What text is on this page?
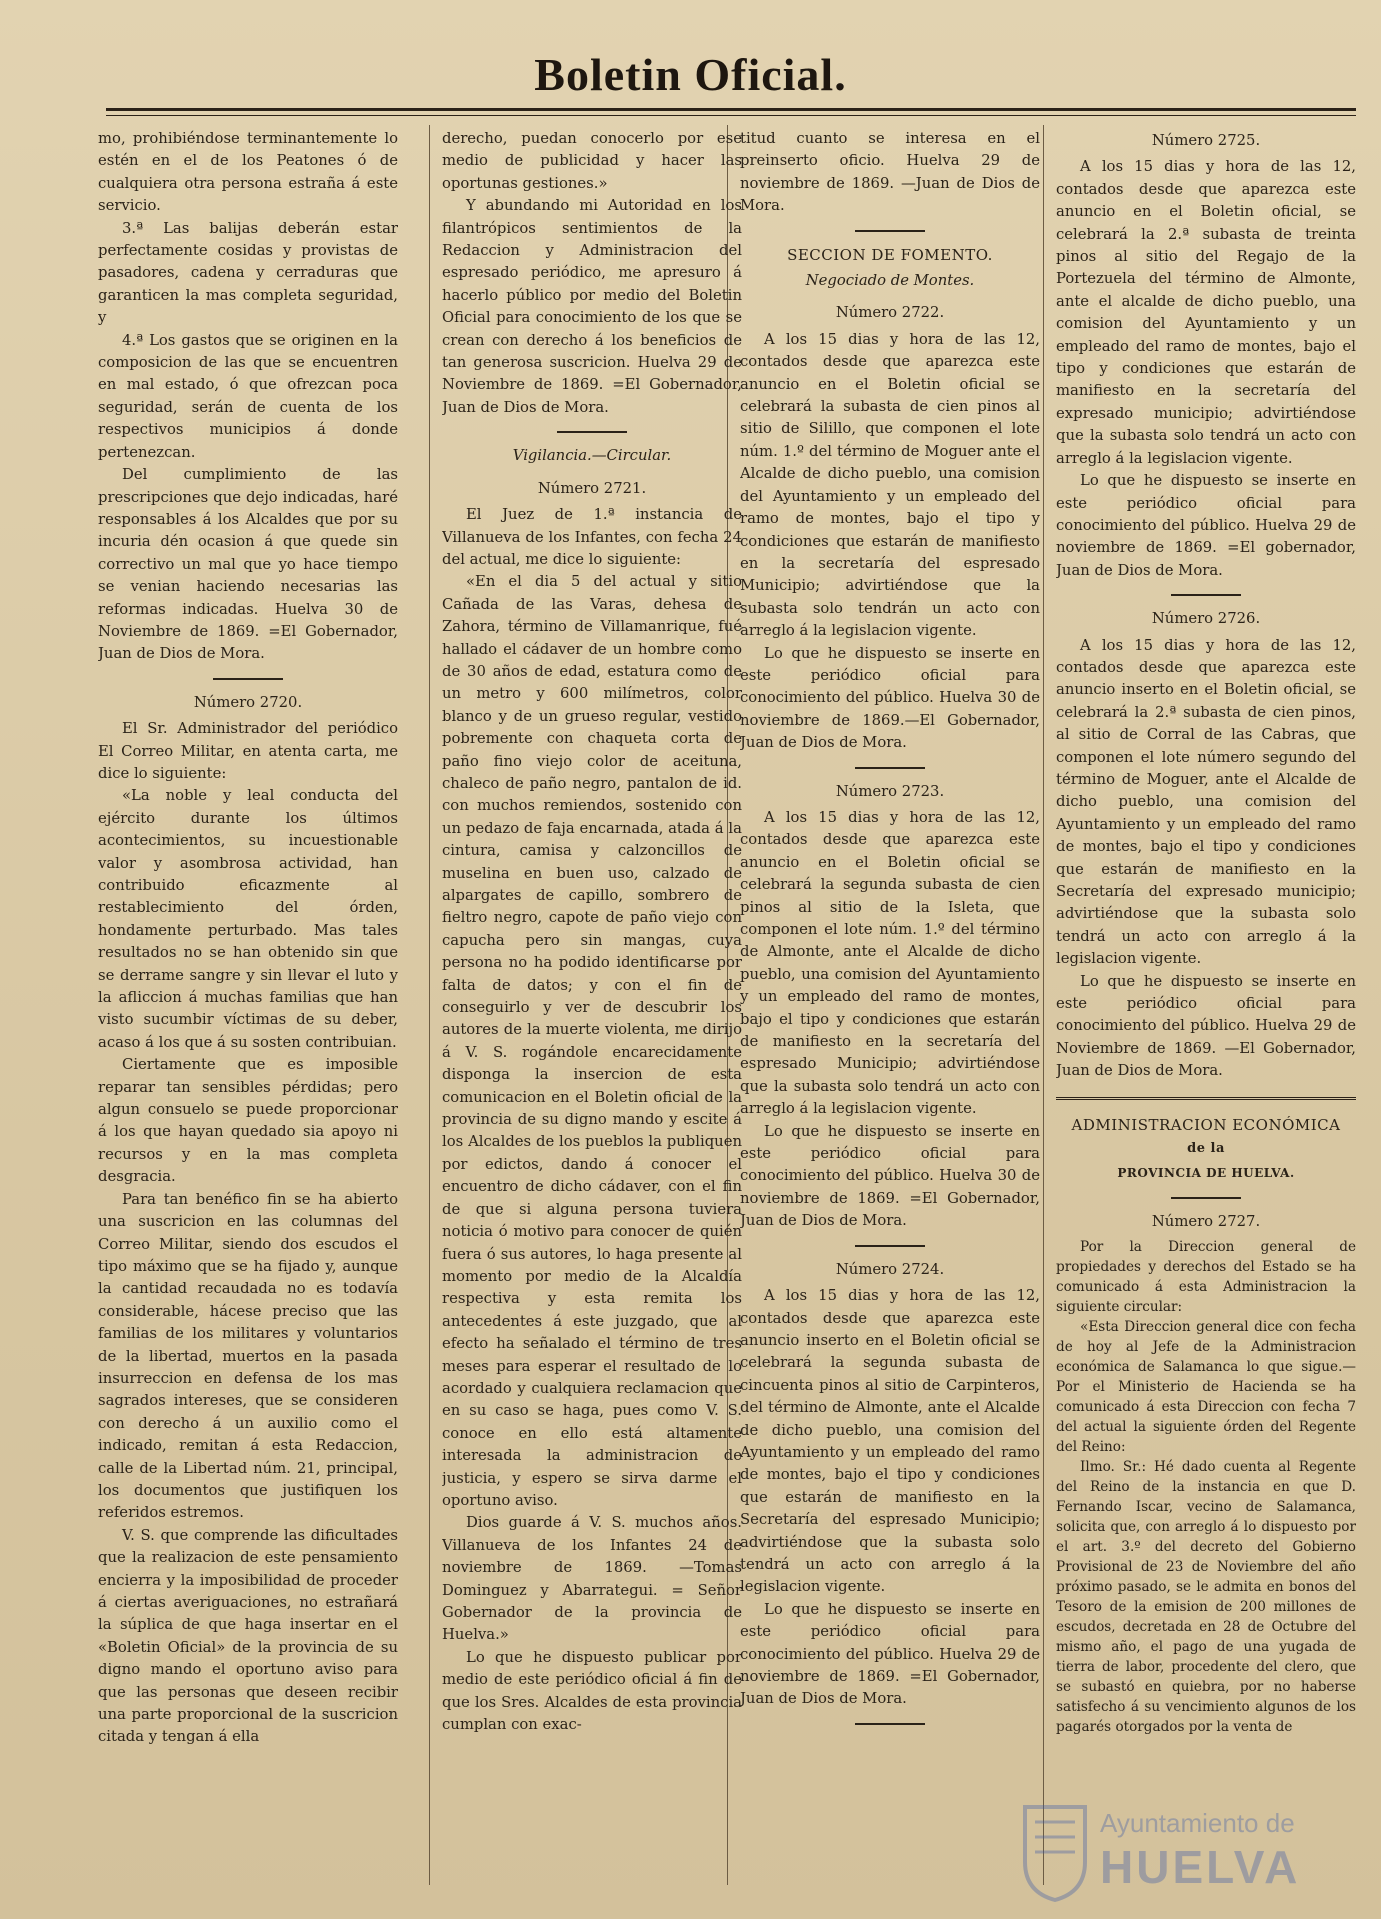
Boletin Oficial.

mo, prohibiéndose terminantemente lo estén en el de los Peatones ó de cualquiera otra persona estraña á este servicio.

3.ª Las balijas deberán estar perfectamente cosidas y provistas de pasadores, cadena y cerraduras que garanticen la mas completa seguridad, y

4.ª Los gastos que se originen en la composicion de las que se encuentren en mal estado, ó que ofrezcan poca seguridad, serán de cuenta de los respectivos municipios á donde pertenezcan.

Del cumplimiento de las prescripciones que dejo indicadas, haré responsables á los Alcaldes que por su incuria dén ocasion á que quede sin correctivo un mal que yo hace tiempo se venian haciendo necesarias las reformas indicadas. Huelva 30 de Noviembre de 1869. =El Gobernador, Juan de Dios de Mora.

Número 2720.

El Sr. Administrador del periódico El Correo Militar, en atenta carta, me dice lo siguiente:

«La noble y leal conducta del ejército durante los últimos acontecimientos, su incuestionable valor y asombrosa actividad, han contribuido eficazmente al restablecimiento del órden, hondamente perturbado. Mas tales resultados no se han obtenido sin que se derrame sangre y sin llevar el luto y la afliccion á muchas familias que han visto sucumbir víctimas de su deber, acaso á los que á su sosten contribuian.

Ciertamente que es imposible reparar tan sensibles pérdidas; pero algun consuelo se puede proporcionar á los que hayan quedado sia apoyo ni recursos y en la mas completa desgracia.

Para tan benéfico fin se ha abierto una suscricion en las columnas del Correo Militar, siendo dos escudos el tipo máximo que se ha fijado y, aunque la cantidad recaudada no es todavía considerable, hácese preciso que las familias de los militares y voluntarios de la libertad, muertos en la pasada insurreccion en defensa de los mas sagrados intereses, que se consideren con derecho á un auxilio como el indicado, remitan á esta Redaccion, calle de la Libertad núm. 21, principal, los documentos que justifiquen los referidos estremos.

V. S. que comprende las dificultades que la realizacion de este pensamiento encierra y la imposibilidad de proceder á ciertas averiguaciones, no estrañará la súplica de que haga insertar en el «Boletin Oficial» de la provincia de su digno mando el oportuno aviso para que las personas que deseen recibir una parte proporcional de la suscricion citada y tengan á ella

derecho, puedan conocerlo por ese medio de publicidad y hacer las oportunas gestiones.»

Y abundando mi Autoridad en los filantrópicos sentimientos de la Redaccion y Administracion del espresado periódico, me apresuro á hacerlo público por medio del Boletin Oficial para conocimiento de los que se crean con derecho á los beneficios de tan generosa suscricion. Huelva 29 de Noviembre de 1869. =El Gobernador, Juan de Dios de Mora.

Vigilancia.—Circular.
Número 2721.

El Juez de 1.ª instancia de Villanueva de los Infantes, con fecha 24 del actual, me dice lo siguiente:

«En el dia 5 del actual y sitio Cañada de las Varas, dehesa de Zahora, término de Villamanrique, fué hallado el cádaver de un hombre como de 30 años de edad, estatura como de un metro y 600 milímetros, color blanco y de un grueso regular, vestido pobremente con chaqueta corta de paño fino viejo color de aceituna, chaleco de paño negro, pantalon de id. con muchos remiendos, sostenido con un pedazo de faja encarnada, atada á la cintura, camisa y calzoncillos de muselina en buen uso, calzado de alpargates de capillo, sombrero de fieltro negro, capote de paño viejo con capucha pero sin mangas, cuya persona no ha podido identificarse por falta de datos; y con el fin de conseguirlo y ver de descubrir los autores de la muerte violenta, me dirijo á V. S. rogándole encarecidamente disponga la insercion de esta comunicacion en el Boletin oficial de la provincia de su digno mando y escite á los Alcaldes de los pueblos la publiquen por edictos, dando á conocer el encuentro de dicho cádaver, con el fin de que si alguna persona tuviera noticia ó motivo para conocer de quién fuera ó sus autores, lo haga presente al momento por medio de la Alcaldía respectiva y esta remita los antecedentes á este juzgado, que al efecto ha señalado el término de tres meses para esperar el resultado de lo acordado y cualquiera reclamacion que en su caso se haga, pues como V. S. conoce en ello está altamente interesada la administracion de justicia, y espero se sirva darme el oportuno aviso.

Dios guarde á V. S. muchos años. Villanueva de los Infantes 24 de noviembre de 1869. —Tomas Dominguez y Abarrategui. = Señor Gobernador de la provincia de Huelva.»

Lo que he dispuesto publicar por medio de este periódico oficial á fin de que los Sres. Alcaldes de esta provincia cumplan con exac-

titud cuanto se interesa en el preinserto oficio. Huelva 29 de noviembre de 1869. —Juan de Dios de Mora.

SECCION DE FOMENTO.
Negociado de Montes.
Número 2722.

A los 15 dias y hora de las 12, contados desde que aparezca este anuncio en el Boletin oficial se celebrará la subasta de cien pinos al sitio de Silillo, que componen el lote núm. 1.º del término de Moguer ante el Alcalde de dicho pueblo, una comision del Ayuntamiento y un empleado del ramo de montes, bajo el tipo y condiciones que estarán de manifiesto en la secretaría del espresado Municipio; advirtiéndose que la subasta solo tendrán un acto con arreglo á la legislacion vigente.

Lo que he dispuesto se inserte en este periódico oficial para conocimiento del público. Huelva 30 de noviembre de 1869.—El Gobernador, Juan de Dios de Mora.

Número 2723.

A los 15 dias y hora de las 12, contados desde que aparezca este anuncio en el Boletin oficial se celebrará la segunda subasta de cien pinos al sitio de la Isleta, que componen el lote núm. 1.º del término de Almonte, ante el Alcalde de dicho pueblo, una comision del Ayuntamiento y un empleado del ramo de montes, bajo el tipo y condiciones que estarán de manifiesto en la secretaría del espresado Municipio; advirtiéndose que la subasta solo tendrá un acto con arreglo á la legislacion vigente.

Lo que he dispuesto se inserte en este periódico oficial para conocimiento del público. Huelva 30 de noviembre de 1869. =El Gobernador, Juan de Dios de Mora.

Número 2724.

A los 15 dias y hora de las 12, contados desde que aparezca este anuncio inserto en el Boletin oficial se celebrará la segunda subasta de cincuenta pinos al sitio de Carpinteros, del término de Almonte, ante el Alcalde de dicho pueblo, una comision del Ayuntamiento y un empleado del ramo de montes, bajo el tipo y condiciones que estarán de manifiesto en la Secretaría del espresado Municipio; advirtiéndose que la subasta solo tendrá un acto con arreglo á la legislacion vigente.

Lo que he dispuesto se inserte en este periódico oficial para conocimiento del público. Huelva 29 de noviembre de 1869. =El Gobernador, Juan de Dios de Mora.

Número 2725.

A los 15 dias y hora de las 12, contados desde que aparezca este anuncio en el Boletin oficial, se celebrará la 2.ª subasta de treinta pinos al sitio del Regajo de la Portezuela del término de Almonte, ante el alcalde de dicho pueblo, una comision del Ayuntamiento y un empleado del ramo de montes, bajo el tipo y condiciones que estarán de manifiesto en la secretaría del expresado municipio; advirtiéndose que la subasta solo tendrá un acto con arreglo á la legislacion vigente.

Lo que he dispuesto se inserte en este periódico oficial para conocimiento del público. Huelva 29 de noviembre de 1869. =El gobernador, Juan de Dios de Mora.

Número 2726.

A los 15 dias y hora de las 12, contados desde que aparezca este anuncio inserto en el Boletin oficial, se celebrará la 2.ª subasta de cien pinos, al sitio de Corral de las Cabras, que componen el lote número segundo del término de Moguer, ante el Alcalde de dicho pueblo, una comision del Ayuntamiento y un empleado del ramo de montes, bajo el tipo y condiciones que estarán de manifiesto en la Secretaría del expresado municipio; advirtiéndose que la subasta solo tendrá un acto con arreglo á la legislacion vigente.

Lo que he dispuesto se inserte en este periódico oficial para conocimiento del público. Huelva 29 de Noviembre de 1869. —El Gobernador, Juan de Dios de Mora.

ADMINISTRACION ECONÓMICA
de la
PROVINCIA DE HUELVA.
Número 2727.

Por la Direccion general de propiedades y derechos del Estado se ha comunicado á esta Administracion la siguiente circular:

«Esta Direccion general dice con fecha de hoy al Jefe de la Administracion económica de Salamanca lo que sigue.—Por el Ministerio de Hacienda se ha comunicado á esta Direccion con fecha 7 del actual la siguiente órden del Regente del Reino:

Ilmo. Sr.: Hé dado cuenta al Regente del Reino de la instancia en que D. Fernando Iscar, vecino de Salamanca, solicita que, con arreglo á lo dispuesto por el art. 3.º del decreto del Gobierno Provisional de 23 de Noviembre del año próximo pasado, se le admita en bonos del Tesoro de la emision de 200 millones de escudos, decretada en 28 de Octubre del mismo año, el pago de una yugada de tierra de labor, procedente del clero, que se subastó en quiebra, por no haberse satisfecho á su vencimiento algunos de los pagarés otorgados por la venta de

Ayuntamiento de
HUELVA
